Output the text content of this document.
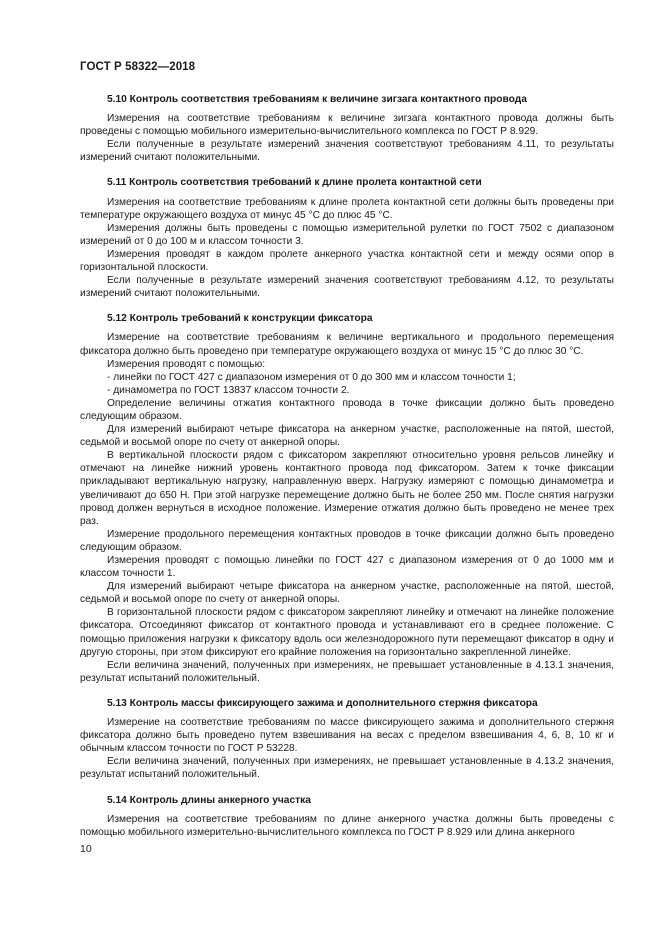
ГОСТ Р 58322—2018
5.10 Контроль соответствия требованиям к величине зигзага контактного провода

Измерения на соответствие требованиям к величине зигзага контактного провода должны быть проведены с помощью мобильного измерительно-вычислительного комплекса по ГОСТ Р 8.929.

Если полученные в результате измерений значения соответствуют требованиям 4.11, то результаты измерений считают положительными.

5.11 Контроль соответствия требований к длине пролета контактной сети

Измерения на соответствие требованиям к длине пролета контактной сети должны быть проведены при температуре окружающего воздуха от минус 45 °С до плюс 45 °С.

Измерения должны быть проведены с помощью измерительной рулетки по ГОСТ 7502 с диапазоном измерений от 0 до 100 м и классом точности 3.

Измерения проводят в каждом пролете анкерного участка контактной сети и между осями опор в горизонтальной плоскости.

Если полученные в результате измерений значения соответствуют требованиям 4.12, то результаты измерений считают положительными.

5.12 Контроль требований к конструкции фиксатора

Измерение на соответствие требованиям к величине вертикального и продольного перемещения фиксатора должно быть проведено при температуре окружающего воздуха от минус 15 °С до плюс 30 °С.

Измерения проводят с помощью:

- линейки по ГОСТ 427 с диапазоном измерения от 0 до 300 мм и классом точности 1;

- динамометра по ГОСТ 13837 классом точности 2.

Определение величины отжатия контактного провода в точке фиксации должно быть проведено следующим образом.

Для измерений выбирают четыре фиксатора на анкерном участке, расположенные на пятой, шестой, седьмой и восьмой опоре по счету от анкерной опоры.

В вертикальной плоскости рядом с фиксатором закрепляют относительно уровня рельсов линейку и отмечают на линейке нижний уровень контактного провода под фиксатором. Затем к точке фиксации прикладывают вертикальную нагрузку, направленную вверх. Нагрузку измеряют с помощью динамометра и увеличивают до 650 Н. При этой нагрузке перемещение должно быть не более 250 мм. После снятия нагрузки провод должен вернуться в исходное положение. Измерение отжатия должно быть проведено не менее трех раз.

Измерение продольного перемещения контактных проводов в точке фиксации должно быть проведено следующим образом.

Измерения проводят с помощью линейки по ГОСТ 427 с диапазоном измерения от 0 до 1000 мм и классом точности 1.

Для измерений выбирают четыре фиксатора на анкерном участке, расположенные на пятой, шестой, седьмой и восьмой опоре по счету от анкерной опоры.

В горизонтальной плоскости рядом с фиксатором закрепляют линейку и отмечают на линейке положение фиксатора. Отсоединяют фиксатор от контактного провода и устанавливают его в среднее положение. С помощью приложения нагрузки к фиксатору вдоль оси железнодорожного пути перемещают фиксатор в одну и другую стороны, при этом фиксируют его крайние положения на горизонтально закрепленной линейке.

Если величина значений, полученных при измерениях, не превышает установленные в 4.13.1 значения, результат испытаний положительный.

5.13 Контроль массы фиксирующего зажима и дополнительного стержня фиксатора

Измерение на соответствие требованиям по массе фиксирующего зажима и дополнительного стержня фиксатора должно быть проведено путем взвешивания на весах с пределом взвешивания 4, 6, 8, 10 кг и обычным классом точности по ГОСТ Р 53228.

Если величина значений, полученных при измерениях, не превышает установленные в 4.13.2 значения, результат испытаний положительный.

5.14 Контроль длины анкерного участка

Измерения на соответствие требованиям по длине анкерного участка должны быть проведены с помощью мобильного измерительно-вычислительного комплекса по ГОСТ Р 8.929 или длина анкерного

10
